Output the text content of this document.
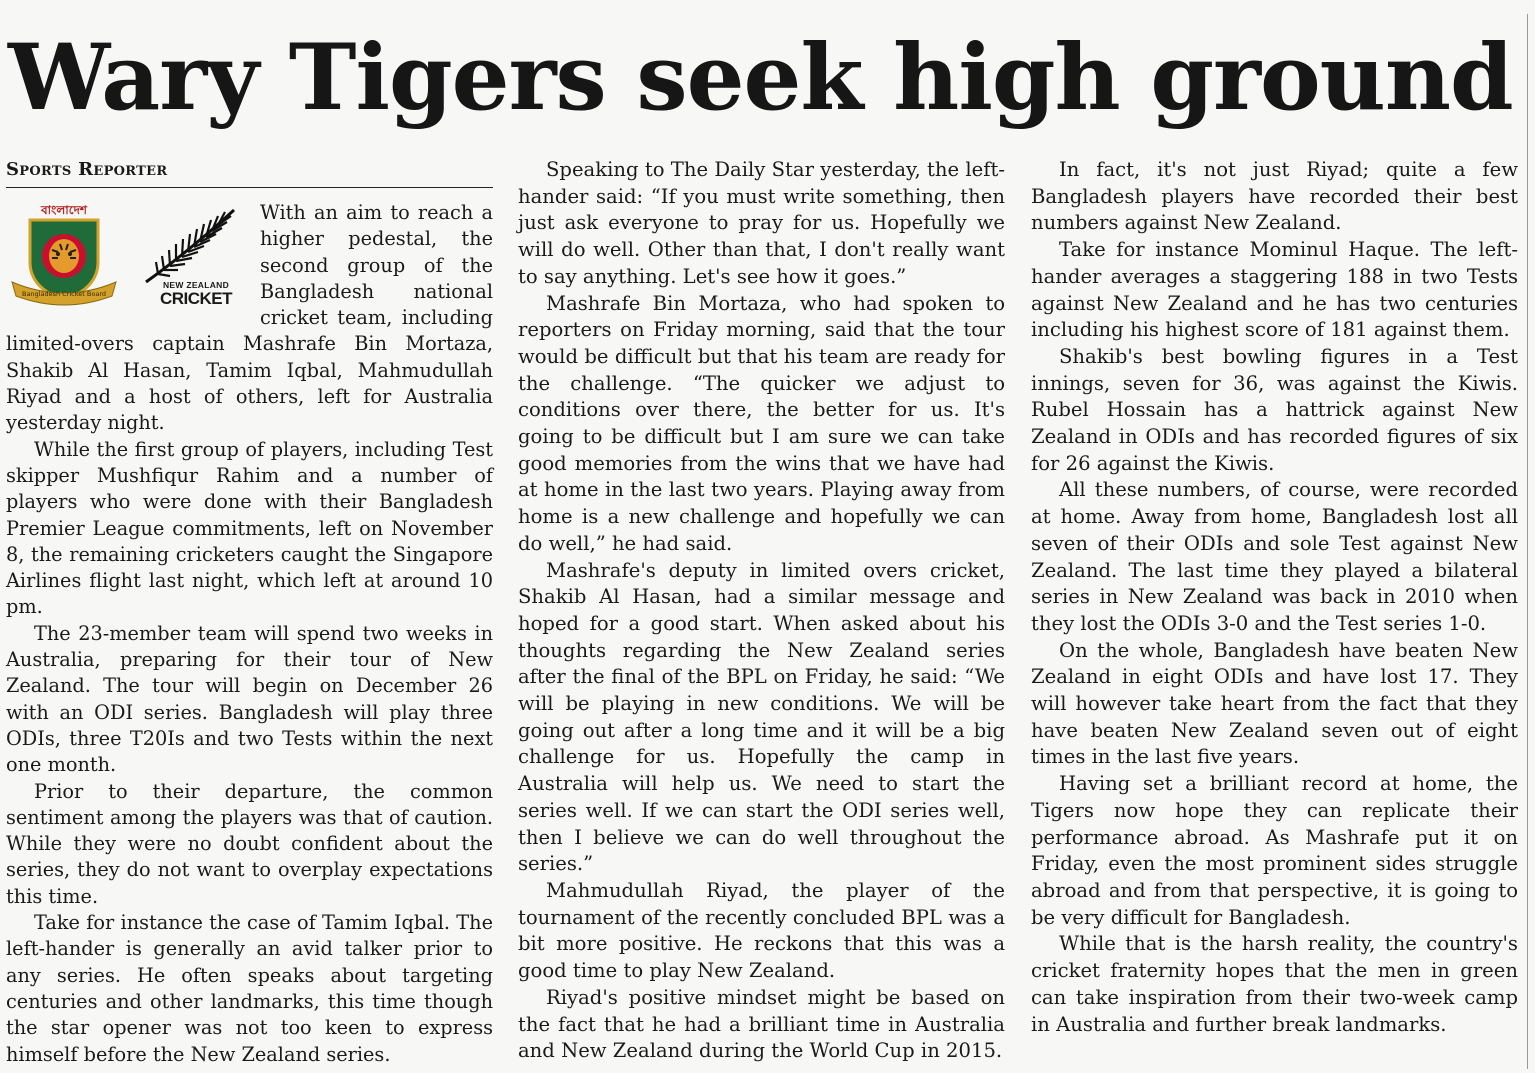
Wary Tigers seek high ground
Sports Reporter
বাংলাদেশ
Bangladesh Cricket Board
NEW ZEALAND
CRICKET

With an aim to reach a higher pedestal, the second group of the Bangladesh national cricket team, including limited-overs captain Mashrafe Bin Mortaza, Shakib Al Hasan, Tamim Iqbal, Mahmudullah Riyad and a host of others, left for Australia yesterday night.

While the first group of players, including Test skipper Mushfiqur Rahim and a number of players who were done with their Bangladesh Premier League commitments, left on November 8, the remaining cricketers caught the Singapore Airlines flight last night, which left at around 10 pm.

The 23-member team will spend two weeks in Australia, preparing for their tour of New Zealand. The tour will begin on December 26 with an ODI series. Bangladesh will play three ODIs, three T20Is and two Tests within the next one month.

Prior to their departure, the common sentiment among the players was that of caution. While they were no doubt confident about the series, they do not want to overplay expectations this time.

Take for instance the case of Tamim Iqbal. The left-hander is generally an avid talker prior to any series. He often speaks about targeting centuries and other landmarks, this time though the star opener was not too keen to express himself before the New Zealand series.

Speaking to The Daily Star yesterday, the left-hander said: “If you must write something, then just ask everyone to pray for us. Hopefully we will do well. Other than that, I don't really want to say anything. Let's see how it goes.”

Mashrafe Bin Mortaza, who had spoken to reporters on Friday morning, said that the tour would be difficult but that his team are ready for the challenge. “The quicker we adjust to conditions over there, the better for us. It's going to be difficult but I am sure we can take good memories from the wins that we have had at home in the last two years. Playing away from home is a new challenge and hopefully we can do well,” he had said.

Mashrafe's deputy in limited overs cricket, Shakib Al Hasan, had a similar message and hoped for a good start. When asked about his thoughts regarding the New Zealand series after the final of the BPL on Friday, he said: “We will be playing in new conditions. We will be going out after a long time and it will be a big challenge for us. Hopefully the camp in Australia will help us. We need to start the series well. If we can start the ODI series well, then I believe we can do well throughout the series.”

Mahmudullah Riyad, the player of the tournament of the recently concluded BPL was a bit more positive. He reckons that this was a good time to play New Zealand.

Riyad's positive mindset might be based on the fact that he had a brilliant time in Australia and New Zealand during the World Cup in 2015.

In fact, it's not just Riyad; quite a few Bangladesh players have recorded their best numbers against New Zealand.

Take for instance Mominul Haque. The left-hander averages a staggering 188 in two Tests against New Zealand and he has two centuries including his highest score of 181 against them.

Shakib's best bowling figures in a Test innings, seven for 36, was against the Kiwis. Rubel Hossain has a hattrick against New Zealand in ODIs and has recorded figures of six for 26 against the Kiwis.

All these numbers, of course, were recorded at home. Away from home, Bangladesh lost all seven of their ODIs and sole Test against New Zealand. The last time they played a bilateral series in New Zealand was back in 2010 when they lost the ODIs 3-0 and the Test series 1-0.

On the whole, Bangladesh have beaten New Zealand in eight ODIs and have lost 17. They will however take heart from the fact that they have beaten New Zealand seven out of eight times in the last five years.

Having set a brilliant record at home, the Tigers now hope they can replicate their performance abroad. As Mashrafe put it on Friday, even the most prominent sides struggle abroad and from that perspective, it is going to be very difficult for Bangladesh.

While that is the harsh reality, the country's cricket fraternity hopes that the men in green can take inspiration from their two-week camp in Australia and further break landmarks.
